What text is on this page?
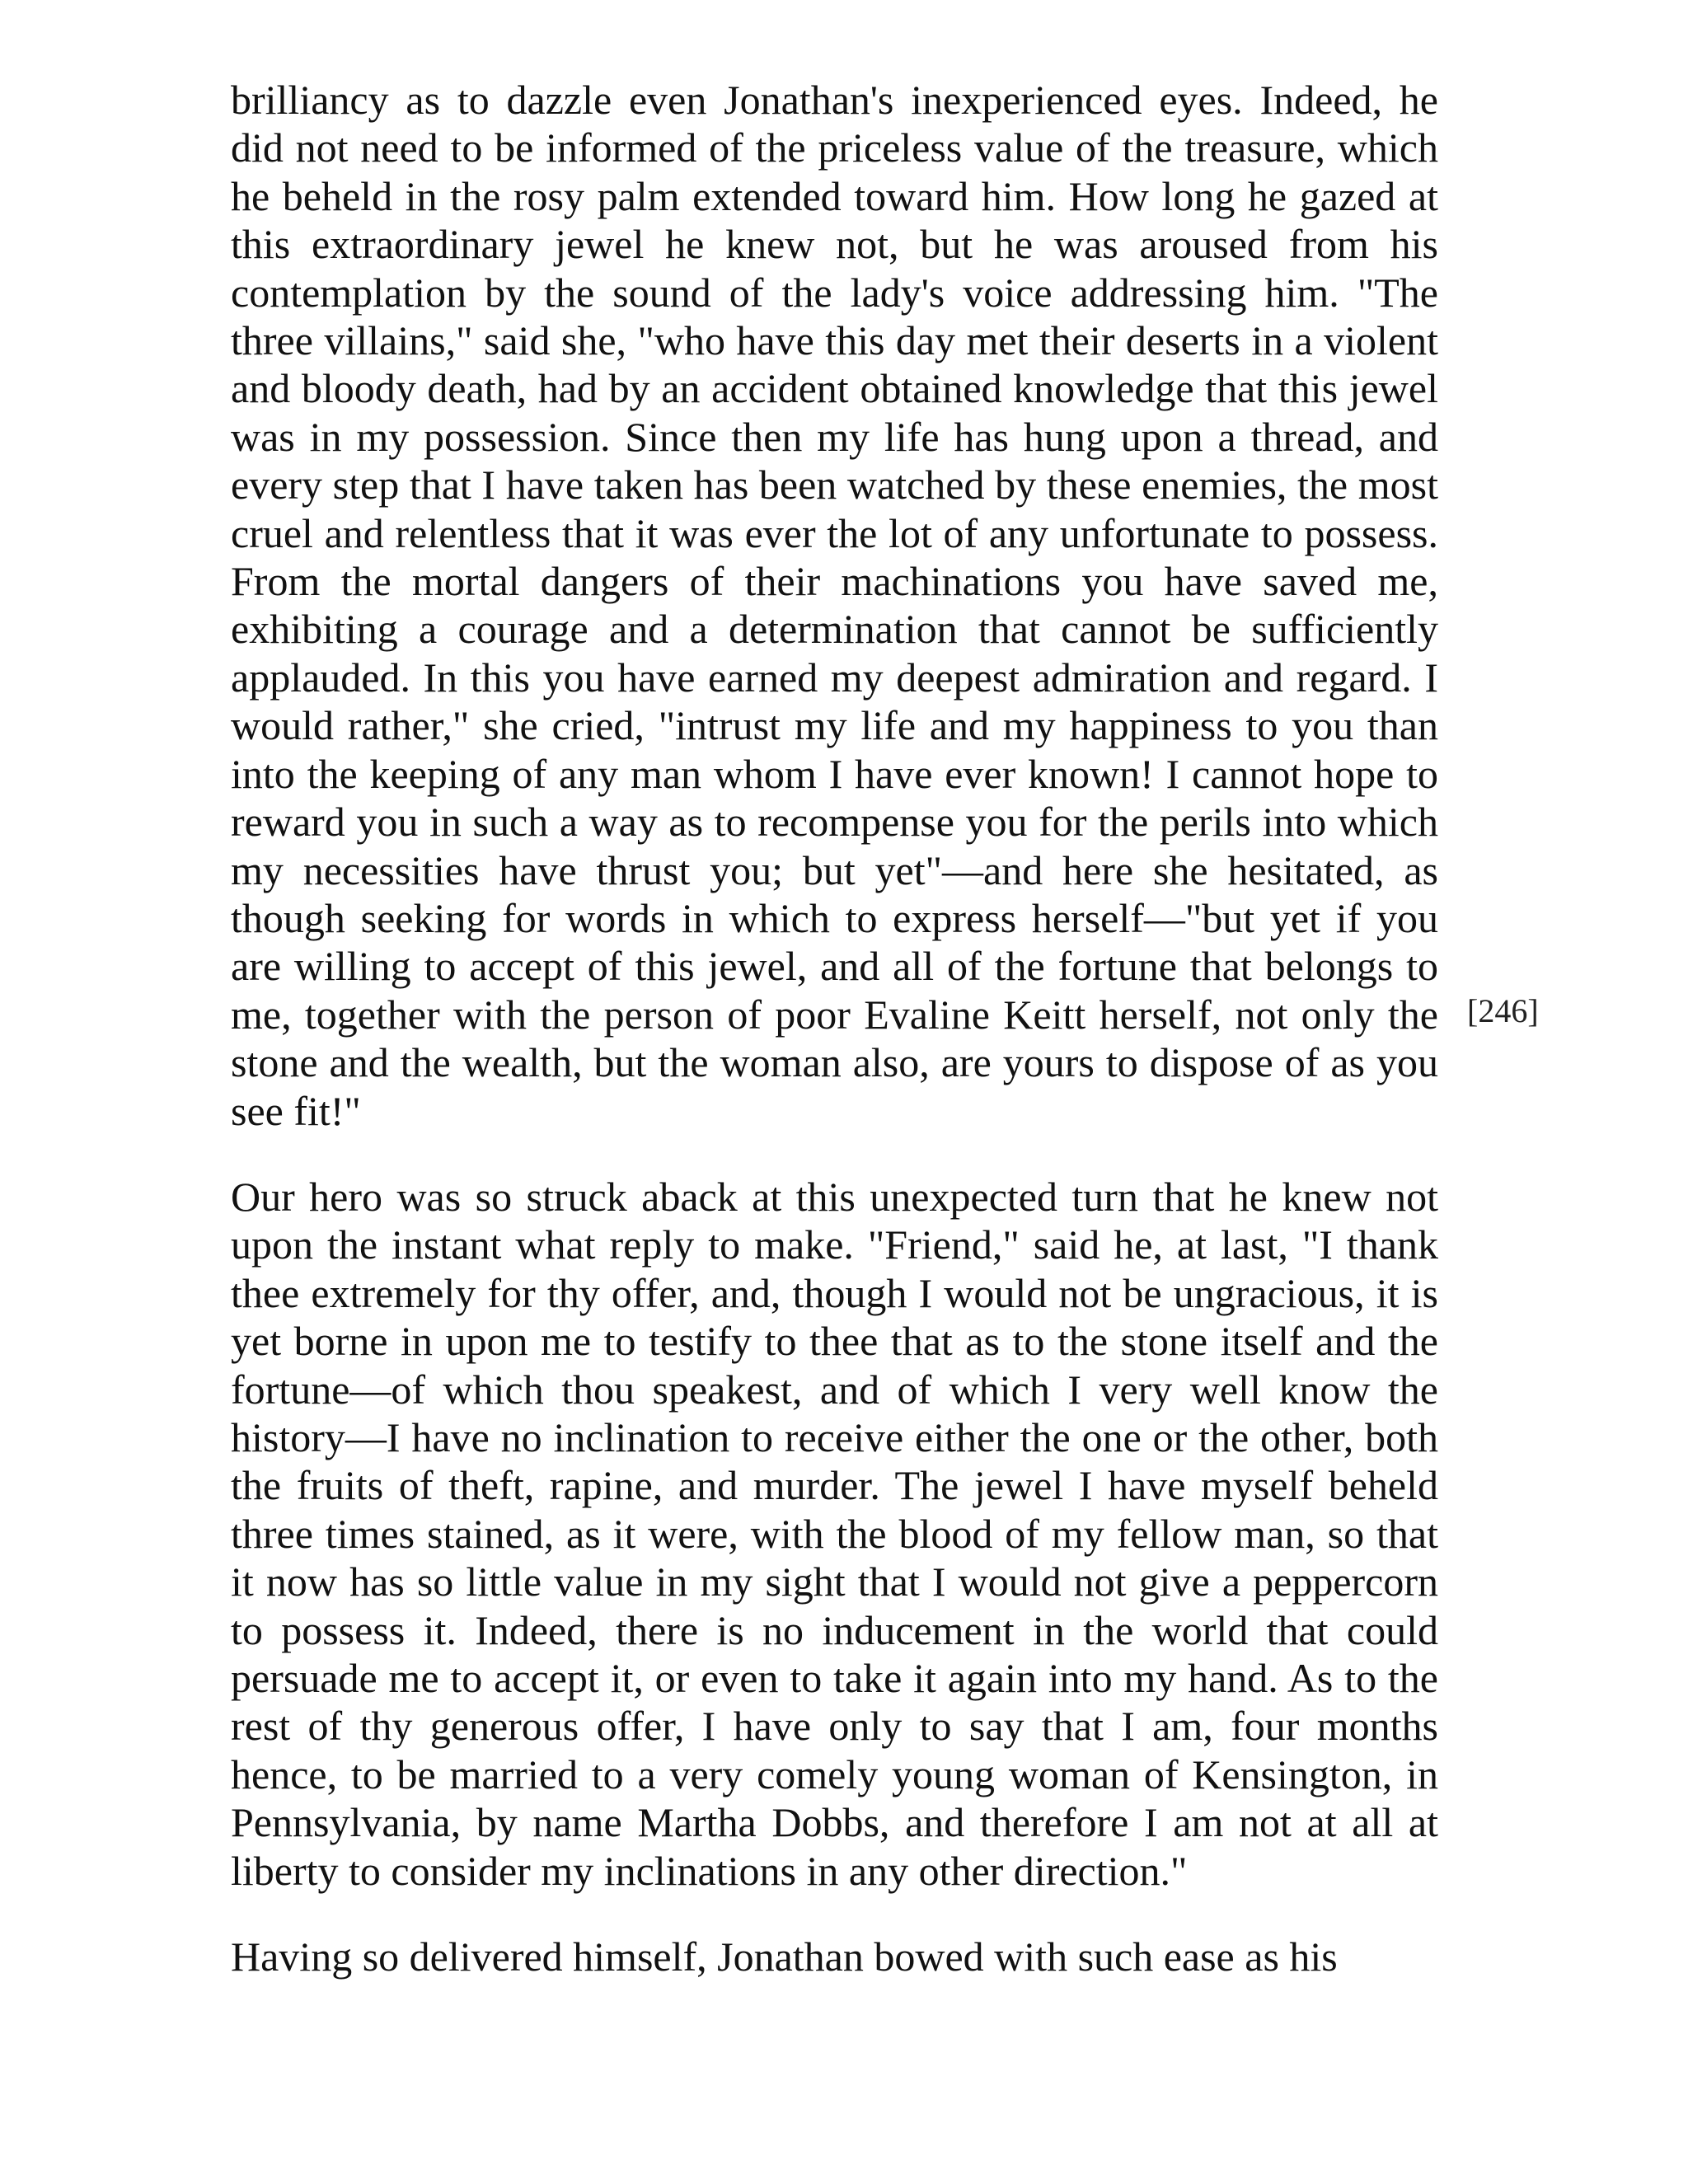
brilliancy as to dazzle even Jonathan's inexperienced eyes. Indeed, he did not need to be informed of the priceless value of the treasure, which he beheld in the rosy palm extended toward him. How long he gazed at this extraordinary jewel he knew not, but he was aroused from his contemplation by the sound of the lady's voice addressing him. "The three villains," said she, "who have this day met their deserts in a violent and bloody death, had by an accident obtained knowledge that this jewel was in my possession. Since then my life has hung upon a thread, and every step that I have taken has been watched by these enemies, the most cruel and relentless that it was ever the lot of any unfortunate to possess. From the mortal dangers of their machinations you have saved me, exhibiting a courage and a determination that cannot be sufficiently applauded. In this you have earned my deepest admiration and regard. I would rather," she cried, "intrust my life and my happiness to you than into the keeping of any man whom I have ever known! I cannot hope to reward you in such a way as to recompense you for the perils into which my necessities have thrust you; but yet"—and here she hesitated, as though seeking for words in which to express herself—"but yet if you are willing to accept of this jewel, and all of the fortune that belongs to me, together with the person of poor Evaline Keitt herself, not only the stone and the wealth, but the woman also, are yours to dispose of as you see fit!"

Our hero was so struck aback at this unexpected turn that he knew not upon the instant what reply to make. "Friend," said he, at last, "I thank thee extremely for thy offer, and, though I would not be ungracious, it is yet borne in upon me to testify to thee that as to the stone itself and the fortune—of which thou speakest, and of which I very well know the history—I have no inclination to receive either the one or the other, both the fruits of theft, rapine, and murder. The jewel I have myself beheld three times stained, as it were, with the blood of my fellow man, so that it now has so little value in my sight that I would not give a peppercorn to possess it. Indeed, there is no inducement in the world that could persuade me to accept it, or even to take it again into my hand. As to the rest of thy generous offer, I have only to say that I am, four months hence, to be married to a very comely young woman of Kensington, in Pennsylvania, by name Martha Dobbs, and therefore I am not at all at liberty to consider my inclinations in any other direction."

Having so delivered himself, Jonathan bowed with such ease as his

[246]
